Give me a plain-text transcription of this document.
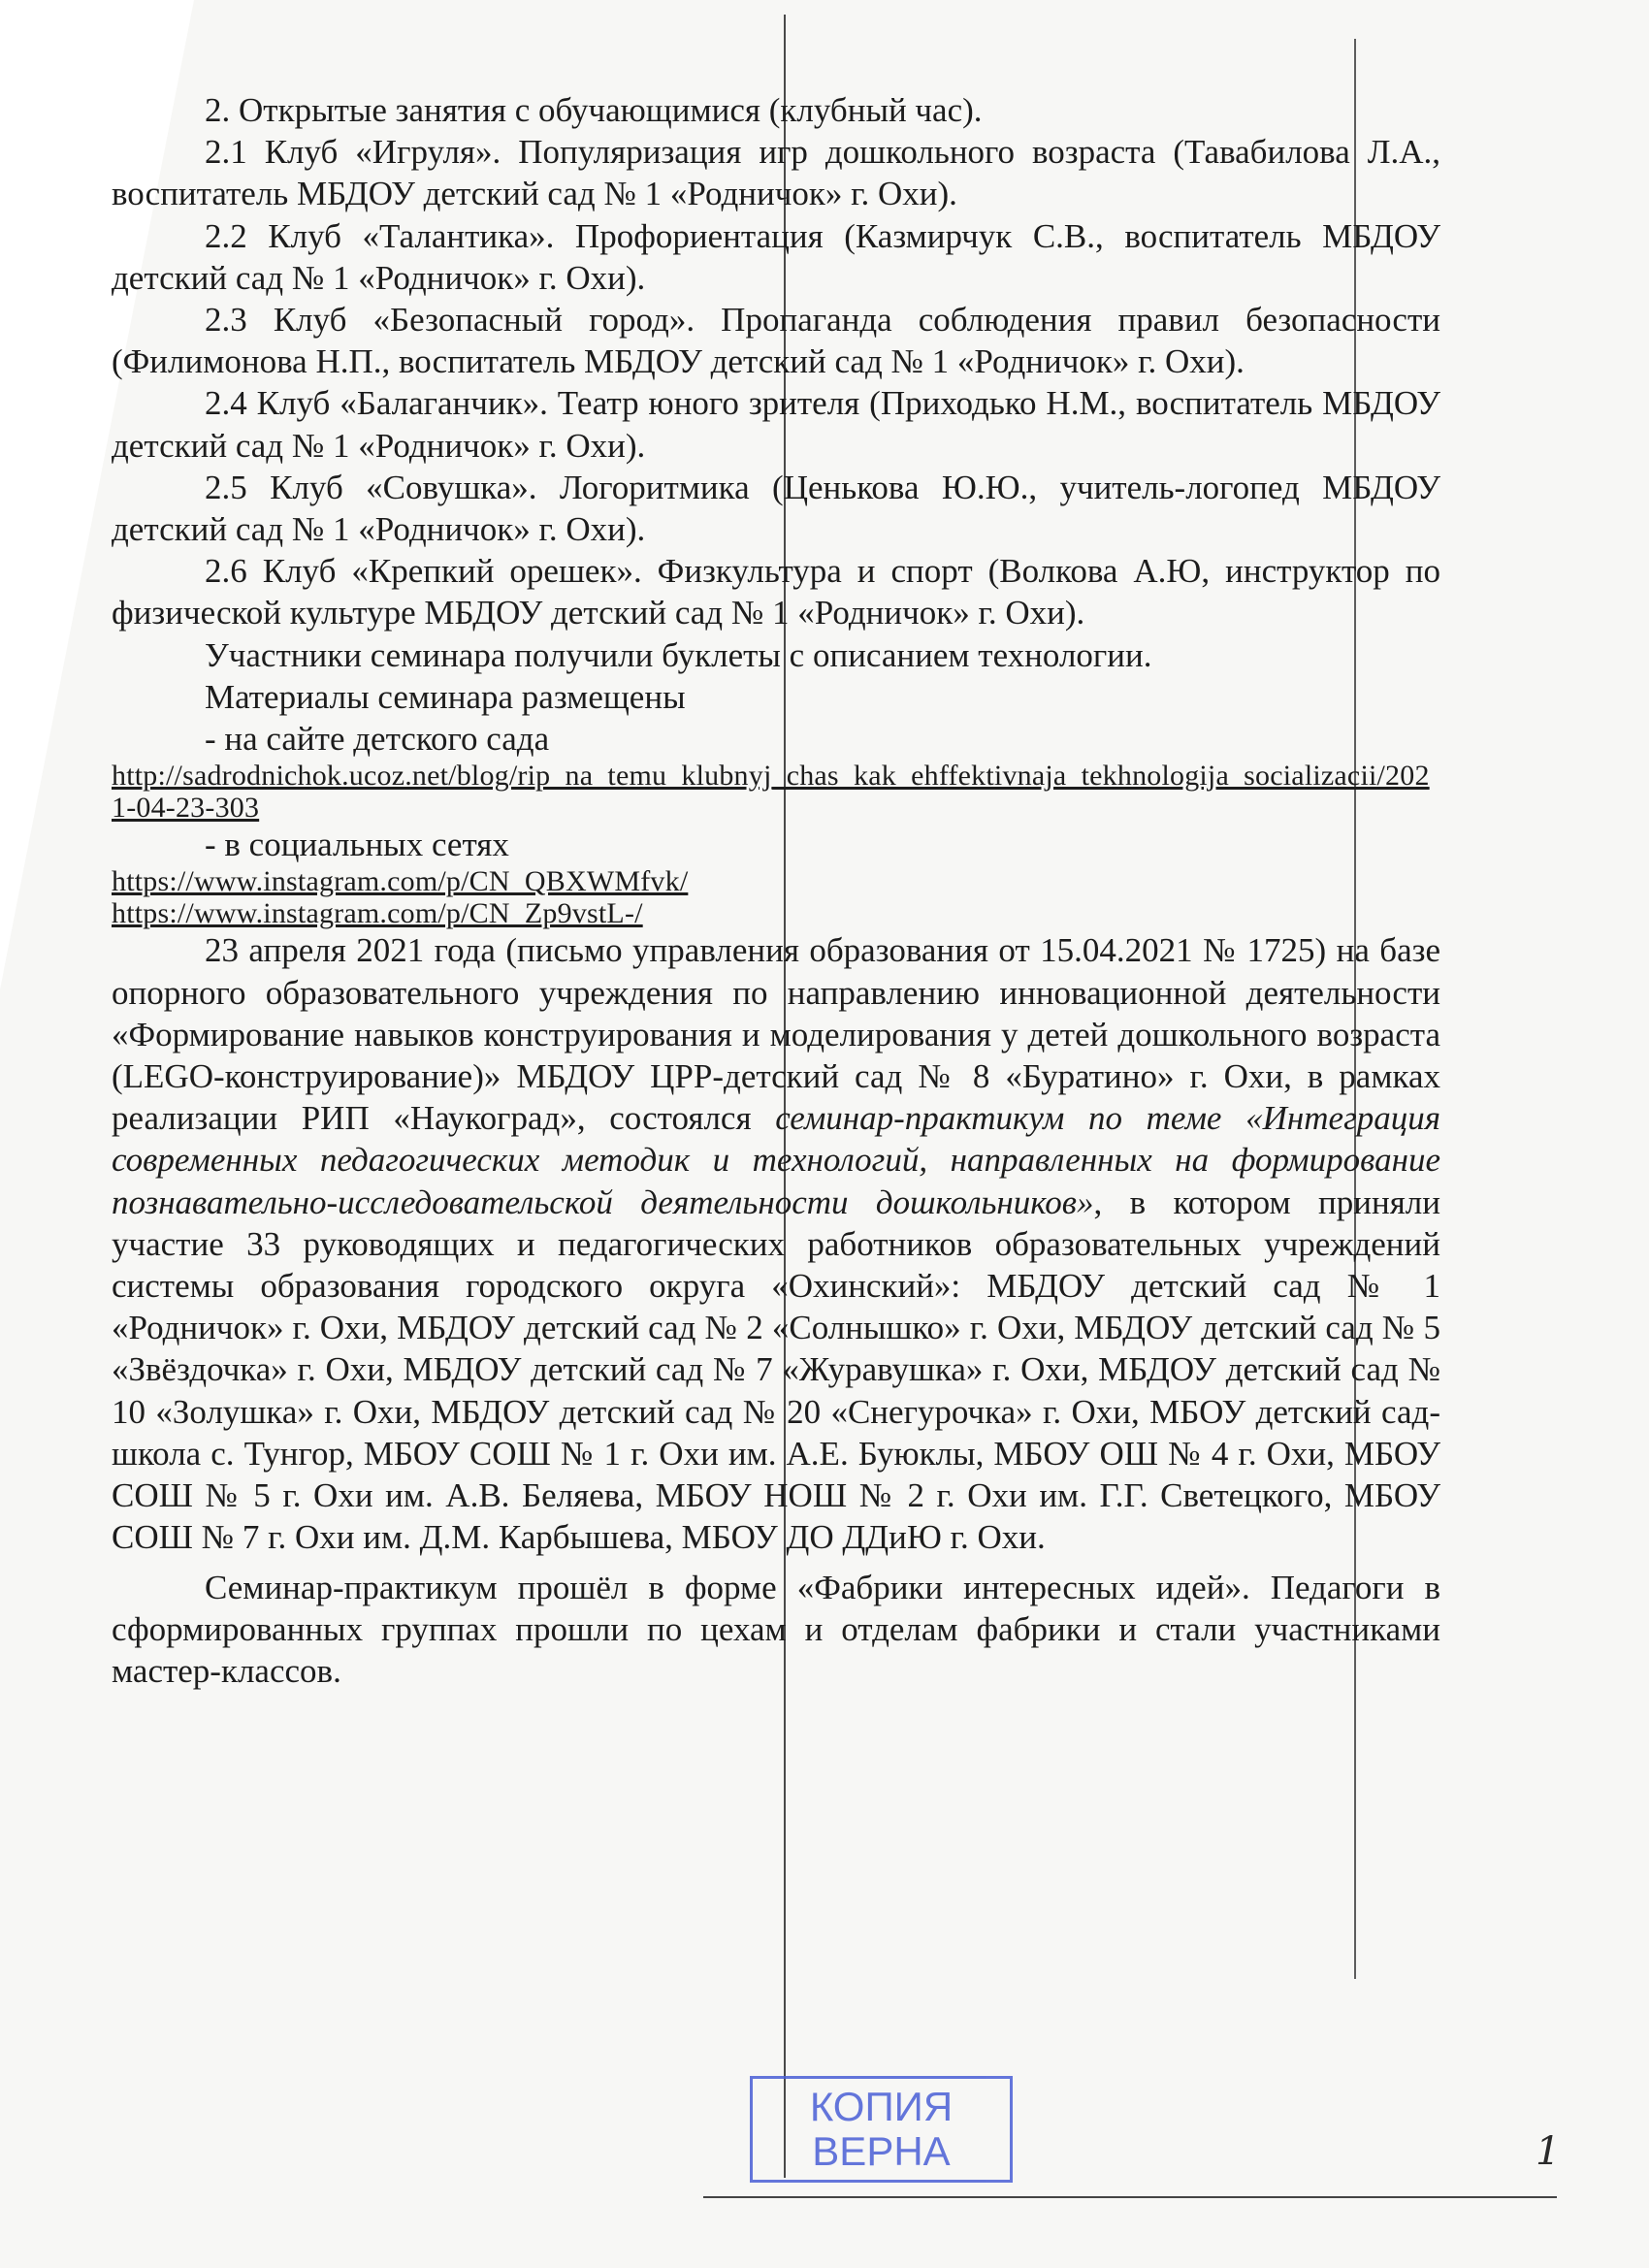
2. Открытые занятия с обучающимися (клубный час).

2.1 Клуб «Игруля». Популяризация игр дошкольного возраста (Тавабилова Л.А., воспитатель МБДОУ детский сад № 1 «Родничок» г. Охи).

2.2 Клуб «Талантика». Профориентация (Казмирчук С.В., воспитатель МБДОУ детский сад № 1 «Родничок» г. Охи).

2.3 Клуб «Безопасный город». Пропаганда соблюдения правил безопасности (Филимонова Н.П., воспитатель МБДОУ детский сад № 1 «Родничок» г. Охи).

2.4 Клуб «Балаганчик». Театр юного зрителя (Приходько Н.М., воспитатель МБДОУ детский сад № 1 «Родничок» г. Охи).

2.5 Клуб «Совушка». Логоритмика (Ценькова Ю.Ю., учитель-логопед МБДОУ детский сад № 1 «Родничок» г. Охи).

2.6 Клуб «Крепкий орешек». Физкультура и спорт (Волкова А.Ю, инструктор по физической культуре МБДОУ детский сад № 1 «Родничок» г. Охи).

Участники семинара получили буклеты с описанием технологии.

Материалы семинара размещены

- на сайте детского сада

http://sadrodnichok.ucoz.net/blog/rip_na_temu_klubnyj_chas_kak_ehffektivnaja_tekhnologija_socializacii/2021-04-23-303

- в социальных сетях

https://www.instagram.com/p/CN_QBXWMfvk/

https://www.instagram.com/p/CN_Zp9vstL-/

23 апреля 2021 года (письмо управления образования от 15.04.2021 № 1725) на базе опорного образовательного учреждения по направлению инновационной деятельности «Формирование навыков конструирования и моделирования у детей дошкольного возраста (LEGO-конструирование)» МБДОУ ЦРР-детский сад № 8 «Буратино» г. Охи, в рамках реализации РИП «Наукоград», состоялся семинар-практикум по теме «Интеграция современных педагогических методик и технологий, направленных на формирование познавательно-исследовательской деятельности дошкольников», в котором приняли участие 33 руководящих и педагогических работников образовательных учреждений системы образования городского округа «Охинский»: МБДОУ детский сад № 1 «Родничок» г. Охи, МБДОУ детский сад № 2 «Солнышко» г. Охи, МБДОУ детский сад № 5 «Звёздочка» г. Охи, МБДОУ детский сад № 7 «Журавушка» г. Охи, МБДОУ детский сад № 10 «Золушка» г. Охи, МБДОУ детский сад № 20 «Снегурочка» г. Охи, МБОУ детский сад-школа с. Тунгор, МБОУ СОШ № 1 г. Охи им. А.Е. Буюклы, МБОУ ОШ № 4 г. Охи, МБОУ СОШ № 5 г. Охи им. А.В. Беляева, МБОУ НОШ № 2 г. Охи им. Г.Г. Светецкого, МБОУ СОШ № 7 г. Охи им. Д.М. Карбышева, МБОУ ДО ДДиЮ г. Охи.

Семинар-практикум прошёл в форме «Фабрики интересных идей». Педагоги в сформированных группах прошли по цехам и отделам фабрики и стали участниками мастер-классов.

КОПИЯ
ВЕРНА	1
